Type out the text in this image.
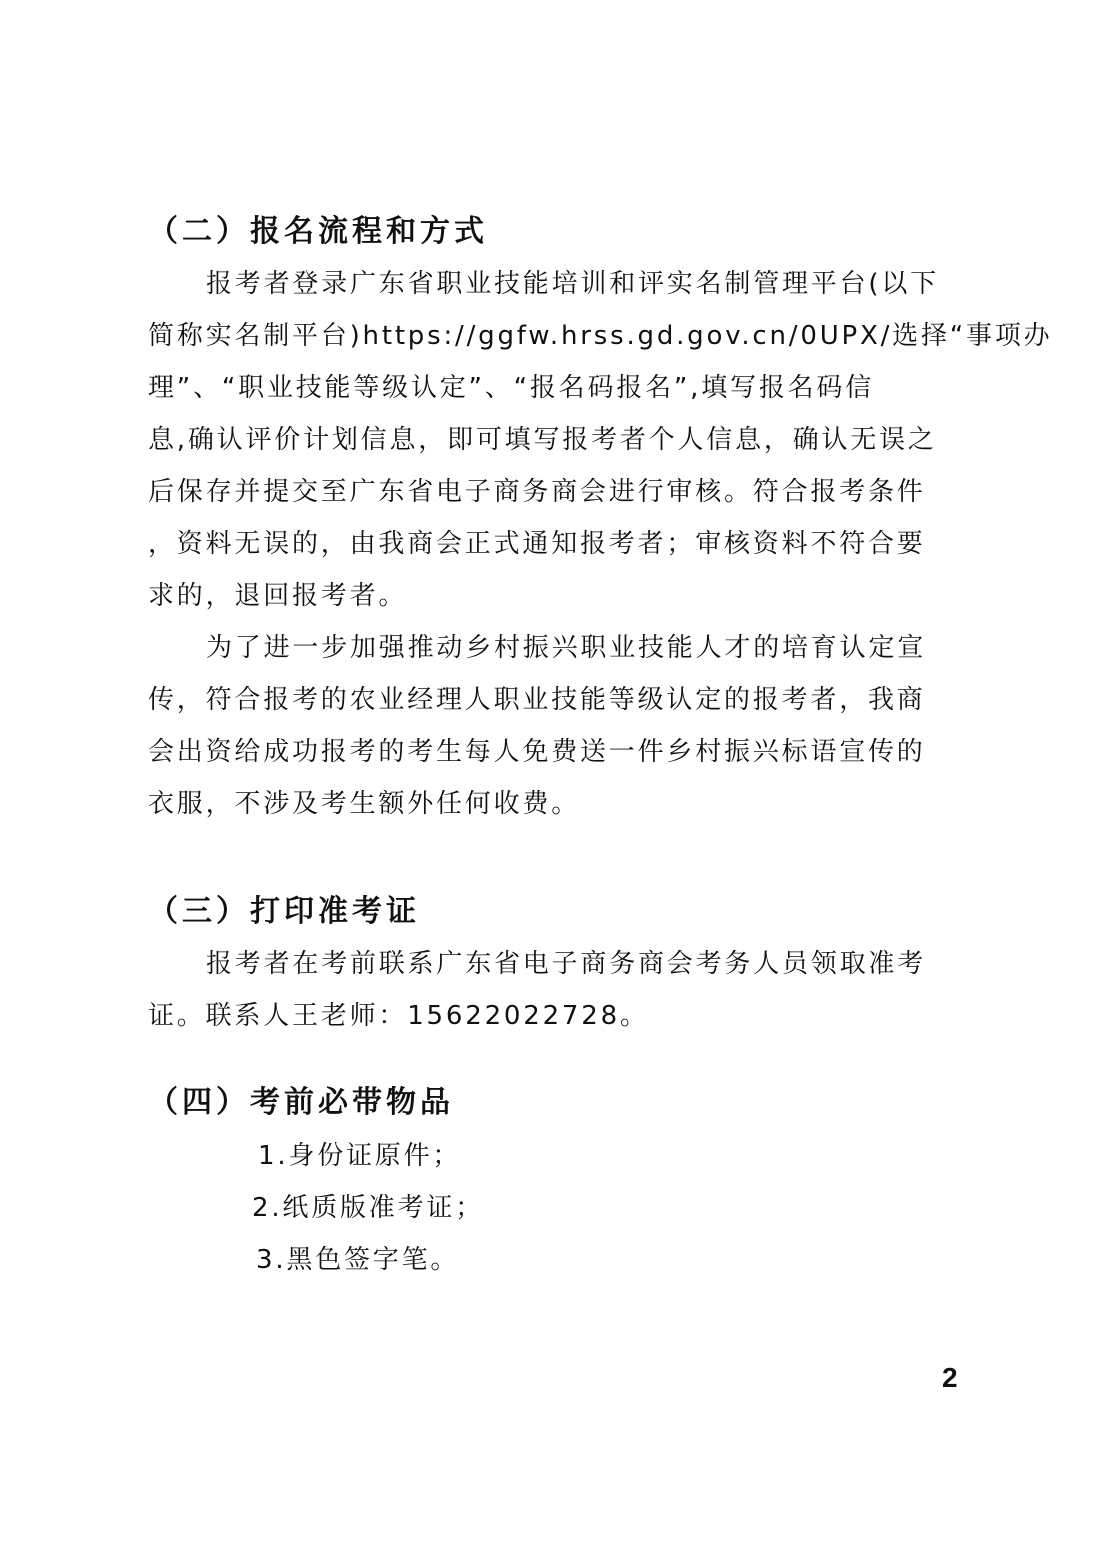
（二）报名流程和方式
报考者登录广东省职业技能培训和评实名制管理平台(以下
简称实名制平台)https://ggfw.hrss.gd.gov.cn/0UPX/选择“事项办
理”、“职业技能等级认定”、“报名码报名”,填写报名码信
息,确认评价计划信息，即可填写报考者个人信息，确认无误之
后保存并提交至广东省电子商务商会进行审核。符合报考条件
，资料无误的，由我商会正式通知报考者；审核资料不符合要
求的，退回报考者。
为了进一步加强推动乡村振兴职业技能人才的培育认定宣
传，符合报考的农业经理人职业技能等级认定的报考者，我商
会出资给成功报考的考生每人免费送一件乡村振兴标语宣传的
衣服，不涉及考生额外任何收费。
（三）打印准考证
报考者在考前联系广东省电子商务商会考务人员领取准考
证。联系人王老师：15622022728。
（四）考前必带物品
1.身份证原件；
2.纸质版准考证；
3.黑色签字笔。
2
